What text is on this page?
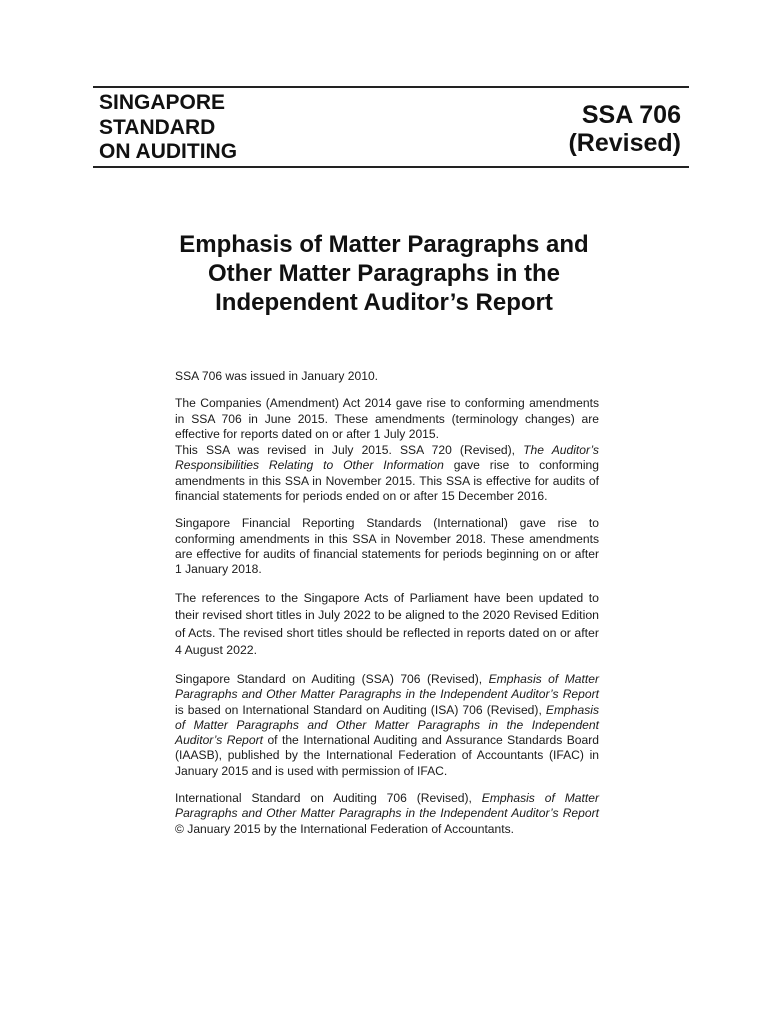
SINGAPORE
STANDARD
ON AUDITING
SSA 706
(Revised)
Emphasis of Matter Paragraphs and
Other Matter Paragraphs in the
Independent Auditor’s Report

SSA 706 was issued in January 2010.

The Companies (Amendment) Act 2014 gave rise to conforming amendments in SSA 706 in June 2015. These amendments (terminology changes) are effective for reports dated on or after 1 July 2015.

This SSA was revised in July 2015. SSA 720 (Revised), The Auditor’s Responsibilities Relating to Other Information gave rise to conforming amendments in this SSA in November 2015. This SSA is effective for audits of financial statements for periods ended on or after 15 December 2016.

Singapore Financial Reporting Standards (International) gave rise to conforming amendments in this SSA in November 2018. These amendments are effective for audits of financial statements for periods beginning on or after 1 January 2018.

The references to the Singapore Acts of Parliament have been updated to their revised short titles in July 2022 to be aligned to the 2020 Revised Edition of Acts. The revised short titles should be reflected in reports dated on or after 4 August 2022.

Singapore Standard on Auditing (SSA) 706 (Revised), Emphasis of Matter Paragraphs and Other Matter Paragraphs in the Independent Auditor’s Report is based on International Standard on Auditing (ISA) 706 (Revised), Emphasis of Matter Paragraphs and Other Matter Paragraphs in the Independent Auditor’s Report of the International Auditing and Assurance Standards Board (IAASB), published by the International Federation of Accountants (IFAC) in January 2015 and is used with permission of IFAC.

International Standard on Auditing 706 (Revised), Emphasis of Matter Paragraphs and Other Matter Paragraphs in the Independent Auditor’s Report © January 2015 by the International Federation of Accountants.
